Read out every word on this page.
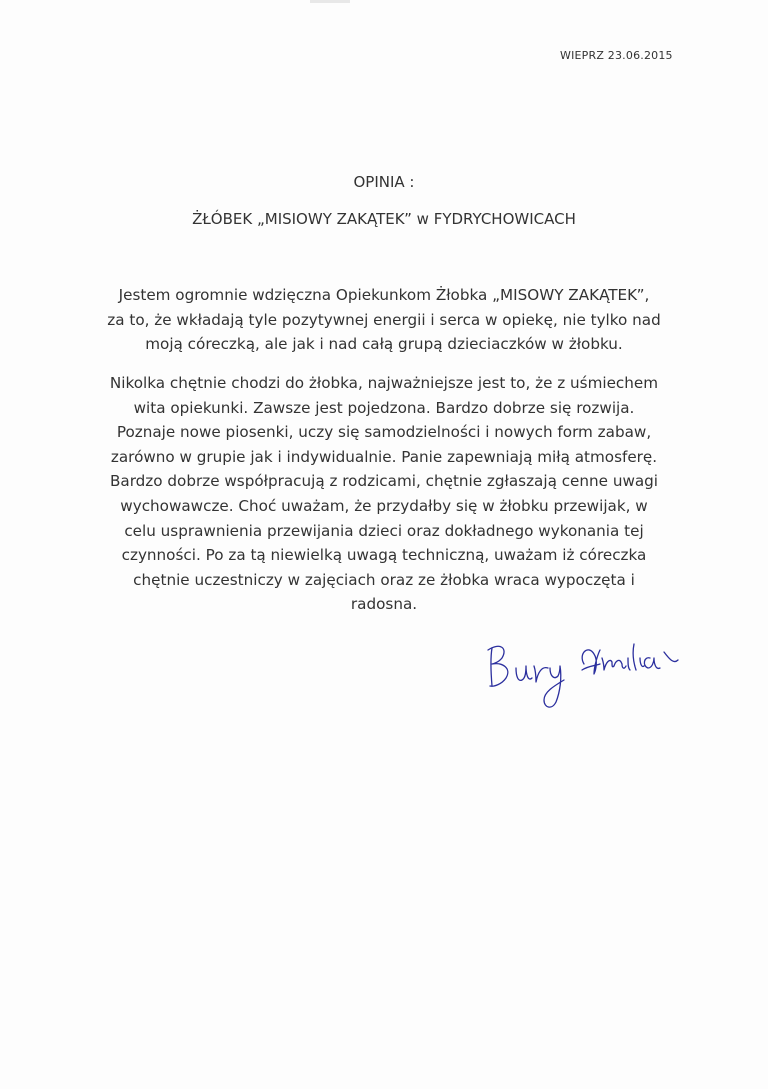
WIEPRZ 23.06.2015
OPINIA :
ŻŁÓBEK „MISIOWY ZAKĄTEK” w FYDRYCHOWICACH

Jestem ogromnie wdzięczna Opiekunkom Żłobka „MISOWY ZAKĄTEK”,
za to, że wkładają tyle pozytywnej energii i serca w opiekę, nie tylko nad
moją córeczką, ale jak i nad całą grupą dzieciaczków w żłobku.

Nikolka chętnie chodzi do żłobka, najważniejsze jest to, że z uśmiechem
wita opiekunki. Zawsze jest pojedzona. Bardzo dobrze się rozwija.
Poznaje nowe piosenki, uczy się samodzielności i nowych form zabaw,
zarówno w grupie jak i indywidualnie. Panie zapewniają miłą atmosferę.
Bardzo dobrze współpracują z rodzicami, chętnie zgłaszają cenne uwagi
wychowawcze. Choć uważam, że przydałby się w żłobku przewijak, w
celu usprawnienia przewijania dzieci oraz dokładnego wykonania tej
czynności. Po za tą niewielką uwagą techniczną, uważam iż córeczka
chętnie uczestniczy w zajęciach oraz ze żłobka wraca wypoczęta i
radosna.
